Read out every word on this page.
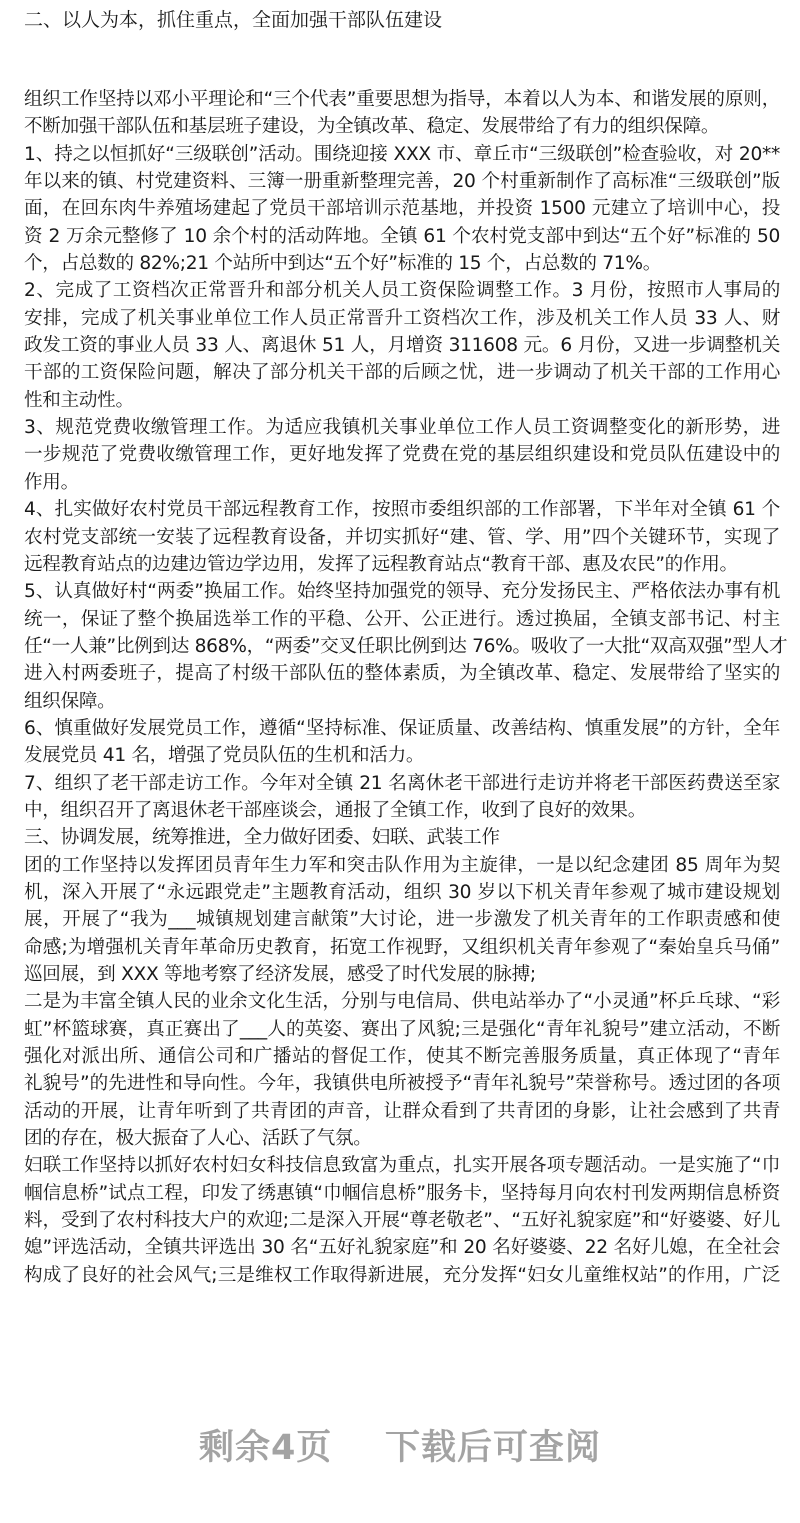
二、以人为本，抓住重点，全面加强干部队伍建设
组织工作坚持以邓小平理论和“三个代表”重要思想为指导，本着以人为本、和谐发展的原则，
不断加强干部队伍和基层班子建设，为全镇改革、稳定、发展带给了有力的组织保障。
1、持之以恒抓好“三级联创”活动。围绕迎接 XXX 市、章丘市“三级联创”检查验收，对 20**
年以来的镇、村党建资料、三簿一册重新整理完善，20 个村重新制作了高标准“三级联创”版
面，在回东肉牛养殖场建起了党员干部培训示范基地，并投资 1500 元建立了培训中心，投
资 2 万余元整修了 10 余个村的活动阵地。全镇 61 个农村党支部中到达“五个好”标准的 50
个，占总数的 82%;21 个站所中到达“五个好”标准的 15 个，占总数的 71%。
2、完成了工资档次正常晋升和部分机关人员工资保险调整工作。3 月份，按照市人事局的
安排，完成了机关事业单位工作人员正常晋升工资档次工作，涉及机关工作人员 33 人、财
政发工资的事业人员 33 人、离退休 51 人，月增资 311608 元。6 月份，又进一步调整机关
干部的工资保险问题，解决了部分机关干部的后顾之忧，进一步调动了机关干部的工作用心
性和主动性。
3、规范党费收缴管理工作。为适应我镇机关事业单位工作人员工资调整变化的新形势，进
一步规范了党费收缴管理工作，更好地发挥了党费在党的基层组织建设和党员队伍建设中的
作用。
4、扎实做好农村党员干部远程教育工作，按照市委组织部的工作部署，下半年对全镇 61 个
农村党支部统一安装了远程教育设备，并切实抓好“建、管、学、用”四个关键环节，实现了
远程教育站点的边建边管边学边用，发挥了远程教育站点“教育干部、惠及农民”的作用。
5、认真做好村“两委”换届工作。始终坚持加强党的领导、充分发扬民主、严格依法办事有机
统一，保证了整个换届选举工作的平稳、公开、公正进行。透过换届，全镇支部书记、村主
任“一人兼”比例到达 868%，“两委”交叉任职比例到达 76%。吸收了一大批“双高双强”型人才
进入村两委班子，提高了村级干部队伍的整体素质，为全镇改革、稳定、发展带给了坚实的
组织保障。
6、慎重做好发展党员工作，遵循“坚持标准、保证质量、改善结构、慎重发展”的方针，全年
发展党员 41 名，增强了党员队伍的生机和活力。
7、组织了老干部走访工作。今年对全镇 21 名离休老干部进行走访并将老干部医药费送至家
中，组织召开了离退休老干部座谈会，通报了全镇工作，收到了良好的效果。
三、协调发展，统筹推进，全力做好团委、妇联、武装工作
团的工作坚持以发挥团员青年生力军和突击队作用为主旋律，一是以纪念建团 85 周年为契
机，深入开展了“永远跟党走”主题教育活动，组织 30 岁以下机关青年参观了城市建设规划
展，开展了“我为___城镇规划建言献策”大讨论，进一步激发了机关青年的工作职责感和使
命感;为增强机关青年革命历史教育，拓宽工作视野，又组织机关青年参观了“秦始皇兵马俑”
巡回展，到 XXX 等地考察了经济发展，感受了时代发展的脉搏;
二是为丰富全镇人民的业余文化生活，分别与电信局、供电站举办了“小灵通”杯乒乓球、“彩
虹”杯篮球赛，真正赛出了___人的英姿、赛出了风貌;三是强化“青年礼貌号”建立活动，不断
强化对派出所、通信公司和广播站的督促工作，使其不断完善服务质量，真正体现了“青年
礼貌号”的先进性和导向性。今年，我镇供电所被授予“青年礼貌号”荣誉称号。透过团的各项
活动的开展，让青年听到了共青团的声音，让群众看到了共青团的身影，让社会感到了共青
团的存在，极大振奋了人心、活跃了气氛。
妇联工作坚持以抓好农村妇女科技信息致富为重点，扎实开展各项专题活动。一是实施了“巾
帼信息桥”试点工程，印发了绣惠镇“巾帼信息桥”服务卡，坚持每月向农村刊发两期信息桥资
料，受到了农村科技大户的欢迎;二是深入开展“尊老敬老”、“五好礼貌家庭”和“好婆婆、好儿
媳”评选活动，全镇共评选出 30 名“五好礼貌家庭”和 20 名好婆婆、22 名好儿媳，在全社会
构成了良好的社会风气;三是维权工作取得新进展，充分发挥“妇女儿童维权站”的作用，广泛
剩余4页 下载后可查阅
